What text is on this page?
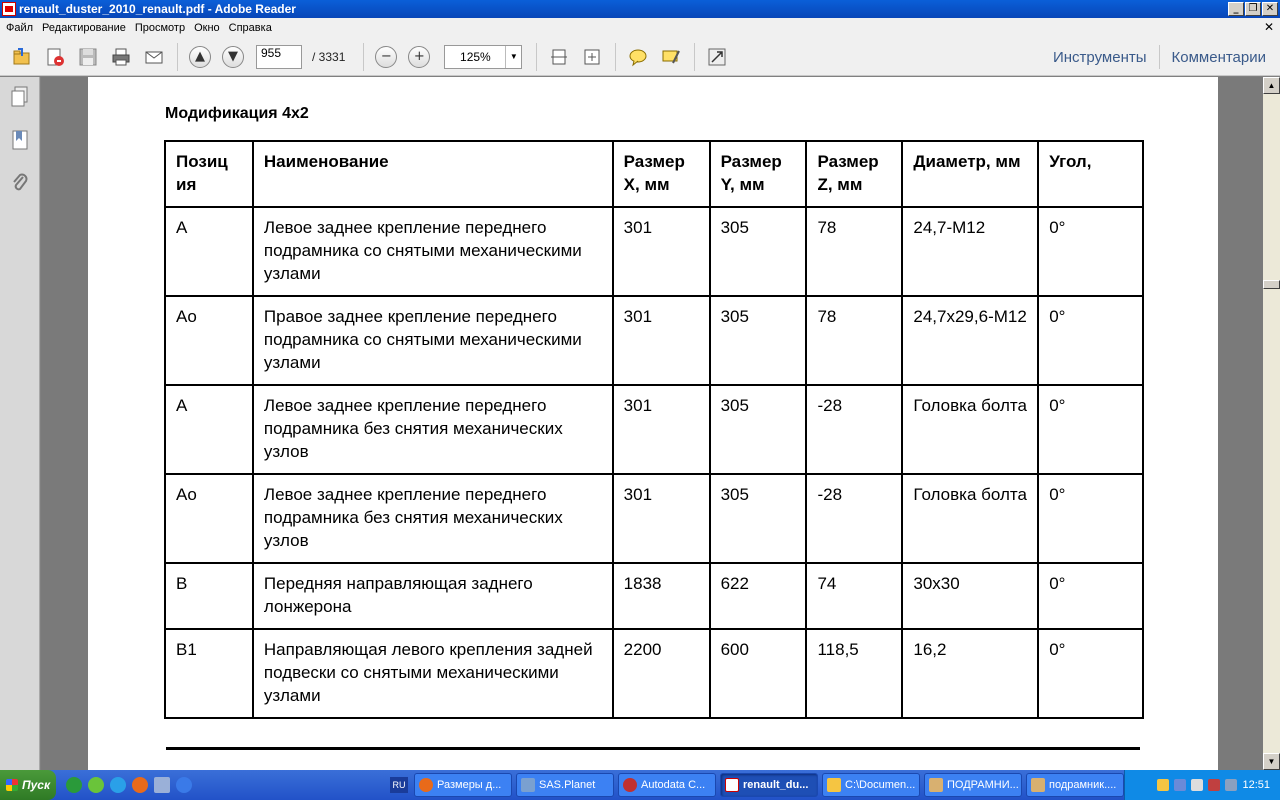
renault_duster_2010_renault.pdf - Adobe Reader	_	❐ ✕
Файл Редактирование Просмотр Окно Справка	✕
▲	▼	955	/ 3331	−	+	125%	▼	Инструменты Комментарии
Модификация 4х2
Позиц ия	Наименование	Размер X, мм	Размер Y, мм	Размер Z, мм	Диаметр, мм	Угол,
А	Левое заднее крепление переднего подрамника со снятыми механическими узлами	301	305	78	24,7-M12	0°
Ао	Правое заднее крепление переднего подрамника со снятыми механическими узлами	301	305	78	24,7x29,6-M12	0°
А	Левое заднее крепление переднего подрамника без снятия механических узлов	301	305	-28	Головка болта	0°
Ао	Левое заднее крепление переднего подрамника без снятия механических узлов	301	305	-28	Головка болта	0°
В	Передняя направляющая заднего лонжерона	1838	622	74	30x30	0°
В1	Направляющая левого крепления задней подвески со снятыми механическими узлами	2200	600	118,5	16,2	0°
▲
▼
Пуск	RU	Размеры д...	SAS.Planet	Autodata C...	renault_du...	C:\Documen...	ПОДРАМНИ...	подрамник....	12:51
